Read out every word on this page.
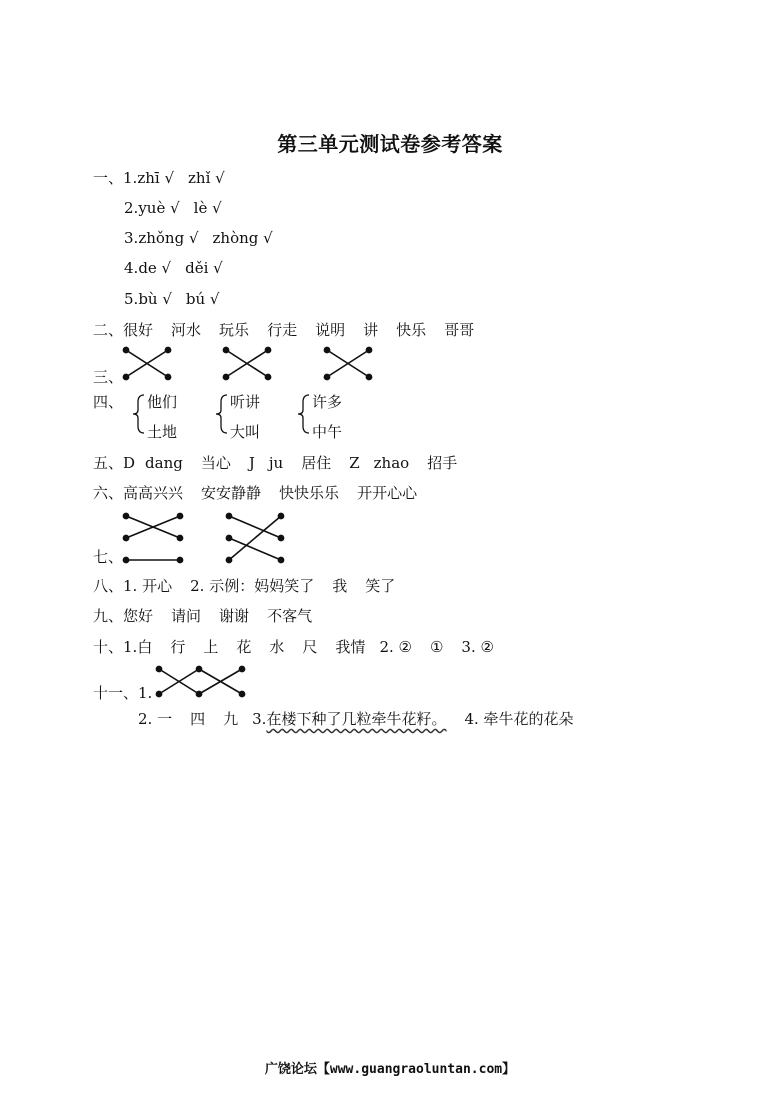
第三单元测试卷参考答案
一、1.zhī √ zhǐ √
2.yuè √ lè √
3.zhǒng √ zhòng √
4.de √ děi √
5.bù √ bú √
二、很好 河水 玩乐 行走 说明 讲 快乐 哥哥
三、
四、 他们
土地
听讲
大叫
许多
中午
五、D dang 当心 J ju 居住 Z zhao 招手
六、高高兴兴 安安静静 快快乐乐 开开心心
七、
八、1. 开心 2. 示例：妈妈笑了 我 笑了
九、您好 请问 谢谢 不客气
十、1.白 行 上 花 水 尺 我情 2. ② ① 3. ②
十一、1.
2. 一 四 九 3.在楼下种了几粒牵牛花籽。 4. 牵牛花的花朵
广饶论坛【www.guangraoluntan.com】
